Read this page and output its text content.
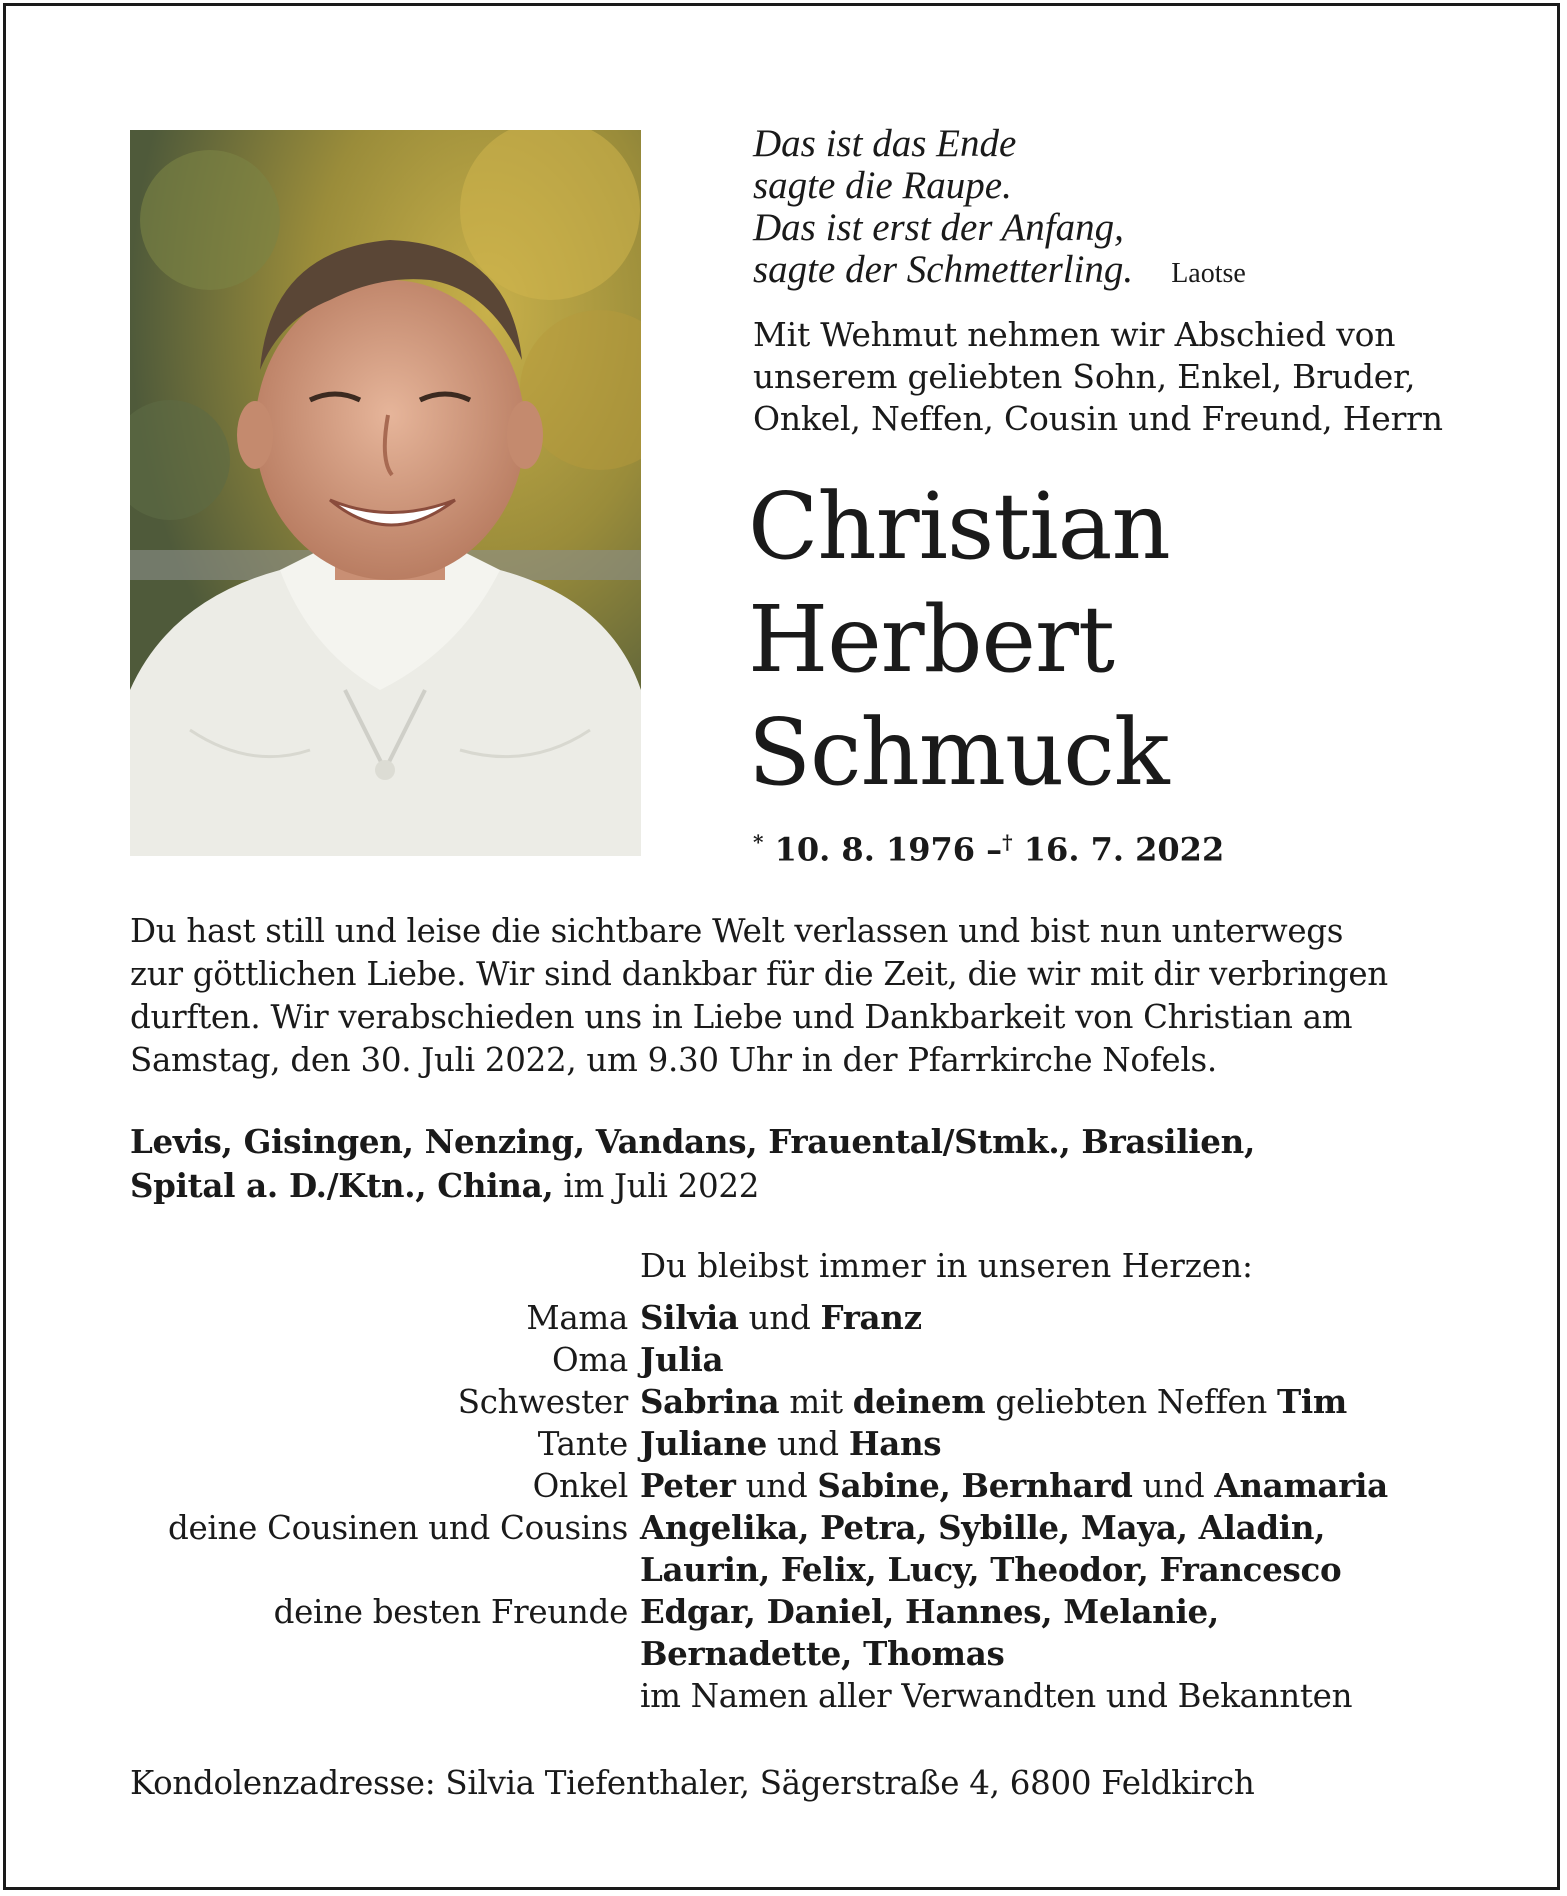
Das ist das Ende
sagte die Raupe.
Das ist erst der Anfang,
sagte der Schmetterling. Laotse
Mit Wehmut nehmen wir Abschied von
unserem geliebten Sohn, Enkel, Bruder,
Onkel, Neffen, Cousin und Freund, Herrn
Christian
Herbert
Schmuck
* 10. 8. 1976 –† 16. 7. 2022
Du hast still und leise die sichtbare Welt verlassen und bist nun unterwegs
zur göttlichen Liebe. Wir sind dankbar für die Zeit, die wir mit dir verbringen
durften. Wir verabschieden uns in Liebe und Dankbarkeit von Christian am
Samstag, den 30. Juli 2022, um 9.30 Uhr in der Pfarrkirche Nofels.
Levis, Gisingen, Nenzing, Vandans, Frauental/Stmk., Brasilien,
Spital a. D./Ktn., China, im Juli 2022
Du bleibst immer in unseren Herzen:
Mama Silvia und Franz
Oma Julia
Schwester Sabrina mit deinem geliebten Neffen Tim
Tante Juliane und Hans
Onkel Peter und Sabine, Bernhard und Anamaria
deine Cousinen und Cousins Angelika, Petra, Sybille, Maya, Aladin,
Laurin, Felix, Lucy, Theodor, Francesco
deine besten Freunde Edgar, Daniel, Hannes, Melanie,
Bernadette, Thomas
im Namen aller Verwandten und Bekannten
Kondolenzadresse: Silvia Tiefenthaler, Sägerstraße 4, 6800 Feldkirch
